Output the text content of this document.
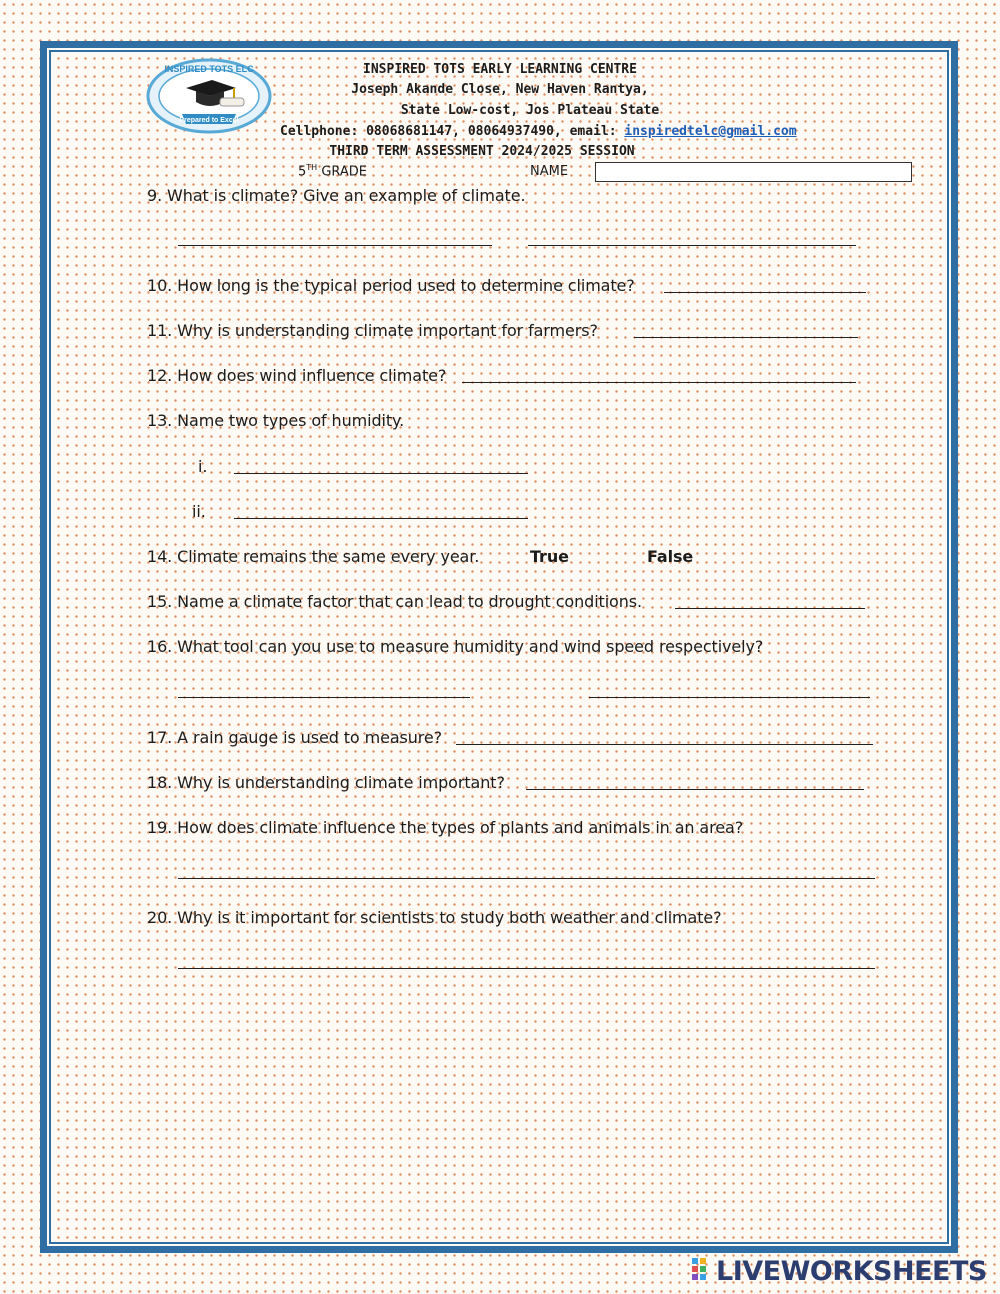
INSPIRED TOTS ELC
Prepared to Excel
INSPIRED TOTS EARLY LEARNING CENTRE
Joseph Akande Close, New Haven Rantya,
State Low-cost, Jos Plateau State
Cellphone: 08068681147, 08064937490, email: inspiredtelc@gmail.com
THIRD TERM ASSESSMENT 2024/2025 SESSION
5TH GRADE	NAME
9. What is climate? Give an example of climate.
10. How long is the typical period used to determine climate?
11. Why is understanding climate important for farmers?
12. How does wind influence climate?
13. Name two types of humidity.
i.
ii.
14. Climate remains the same every year.	True	False
15. Name a climate factor that can lead to drought conditions.
16. What tool can you use to measure humidity and wind speed respectively?
17. A rain gauge is used to measure?
18. Why is understanding climate important?
19. How does climate influence the types of plants and animals in an area?
20. Why is it important for scientists to study both weather and climate?
LIVEWORKSHEETS
